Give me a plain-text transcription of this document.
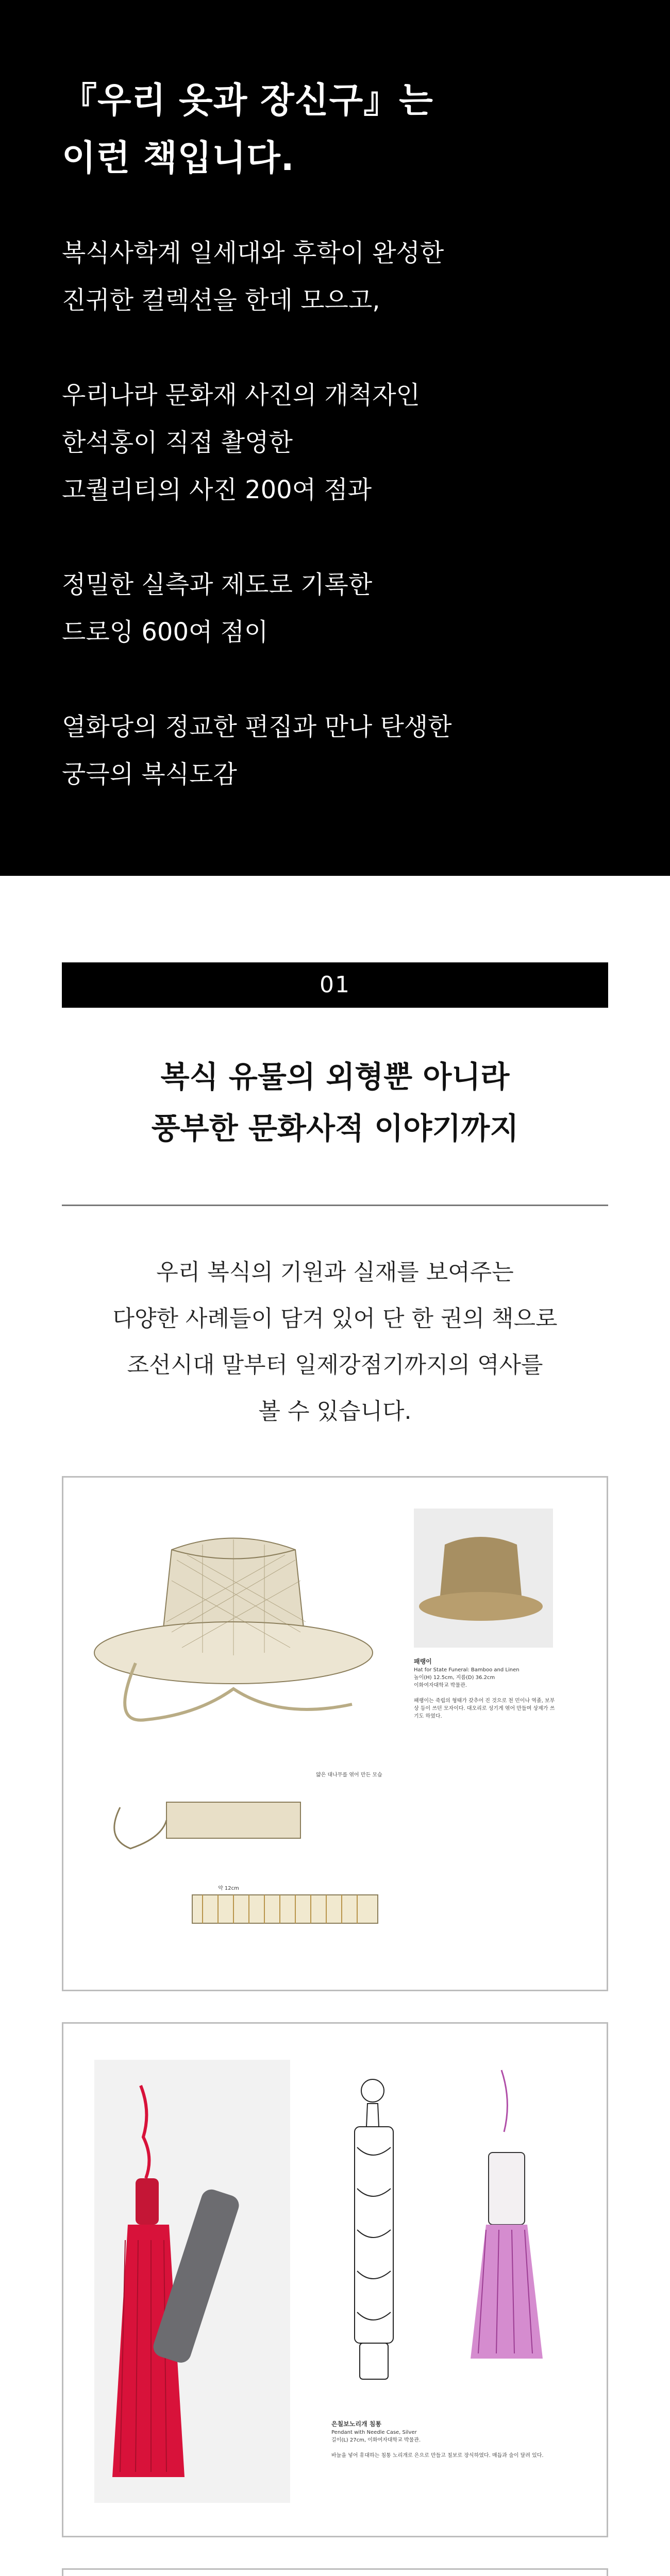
『우리 옷과 장신구』는
이런 책입니다.
복식사학계 일세대와 후학이 완성한
진귀한 컬렉션을 한데 모으고,
우리나라 문화재 사진의 개척자인
한석홍이 직접 촬영한
고퀄리티의 사진 200여 점과
정밀한 실측과 제도로 기록한
드로잉 600여 점이
열화당의 정교한 편집과 만나 탄생한
궁극의 복식도감
01
복식 유물의 외형뿐 아니라
풍부한 문화사적 이야기까지
우리 복식의 기원과 실재를 보여주는
다양한 사례들이 담겨 있어 단 한 권의 책으로
조선시대 말부터 일제강점기까지의 역사를
볼 수 있습니다.
얇은 대나무를 엮어 만든 모습
약 12cm
패랭이
Hat for State Funeral: Bamboo and Linen
높이(H) 12.5cm, 지름(D) 36.2cm
이화여자대학교 박물관.

패랭이는 죽립의 형태가 갖추어 진 것으로 천 민이나 역졸, 보부상 등이 쓰던 모자이다. 대오리로 성기게 엮어 만들며 상제가 쓰기도 하였다.
은칠보노리개 침통
Pendant with Needle Case, Silver
길이(L) 27cm, 이화여자대학교 박물관.

바늘을 넣어 휴대하는 침통 노리개로 은으로 만들고 칠보로 장식하였다. 매듭과 술이 달려 있다.
